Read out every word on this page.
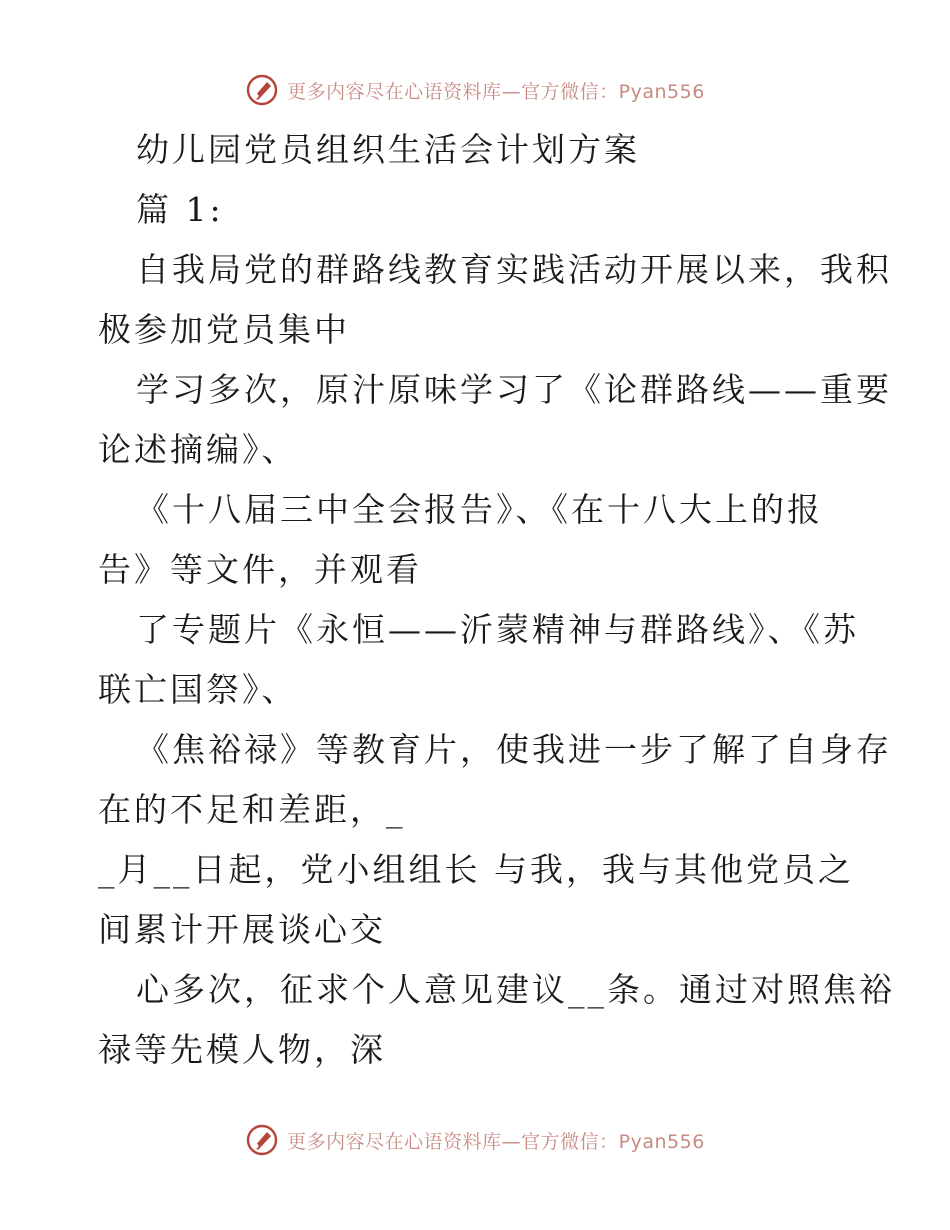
更多内容尽在心语资料库—官方微信：Pyan556
幼儿园党员组织生活会计划方案
篇 1:
自我局党的群路线教育实践活动开展以来，我积
极参加党员集中
学习多次，原汁原味学习了《论群路线——重要
论述摘编》、
《十八届三中全会报告》、《在十八大上的报
告》等文件，并观看
了专题片《永恒——沂蒙精神与群路线》、《苏
联亡国祭》、
《焦裕禄》等教育片，使我进一步了解了自身存
在的不足和差距，_
_月__日起，党小组组长 与我，我与其他党员之
间累计开展谈心交
心多次，征求个人意见建议__条。通过对照焦裕
禄等先模人物，深
更多内容尽在心语资料库—官方微信：Pyan556
